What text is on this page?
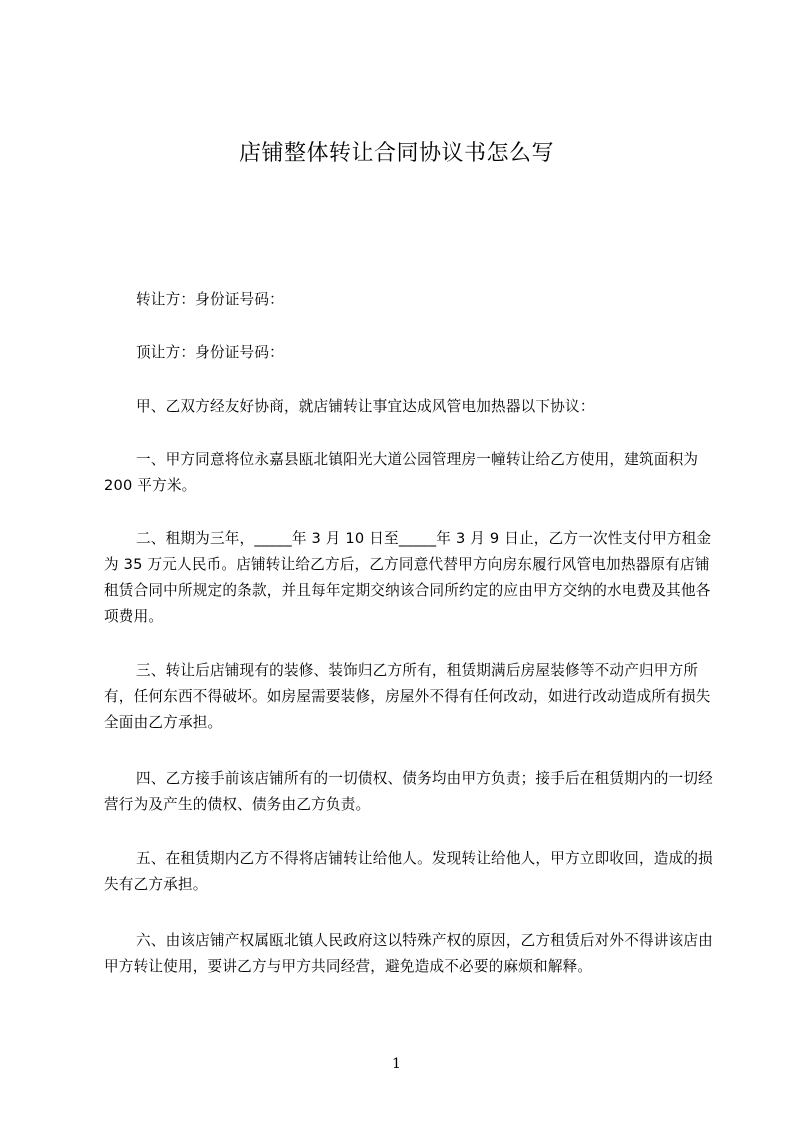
店铺整体转让合同协议书怎么写
转让方：身份证号码：
顶让方：身份证号码：
甲、乙双方经友好协商，就店铺转让事宜达成风管电加热器以下协议：
一、甲方同意将位永嘉县瓯北镇阳光大道公园管理房一幢转让给乙方使用，建筑面积为 200 平方米。
二、租期为三年，_____年 3 月 10 日至_____年 3 月 9 日止，乙方一次性支付甲方租金为 35 万元人民币。店铺转让给乙方后，乙方同意代替甲方向房东履行风管电加热器原有店铺租赁合同中所规定的条款，并且每年定期交纳该合同所约定的应由甲方交纳的水电费及其他各项费用。
三、转让后店铺现有的装修、装饰归乙方所有，租赁期满后房屋装修等不动产归甲方所有，任何东西不得破坏。如房屋需要装修，房屋外不得有任何改动，如进行改动造成所有损失全面由乙方承担。
四、乙方接手前该店铺所有的一切债权、债务均由甲方负责；接手后在租赁期内的一切经营行为及产生的债权、债务由乙方负责。
五、在租赁期内乙方不得将店铺转让给他人。发现转让给他人，甲方立即收回，造成的损失有乙方承担。
六、由该店铺产权属瓯北镇人民政府这以特殊产权的原因，乙方租赁后对外不得讲该店由甲方转让使用，要讲乙方与甲方共同经营，避免造成不必要的麻烦和解释。
1
